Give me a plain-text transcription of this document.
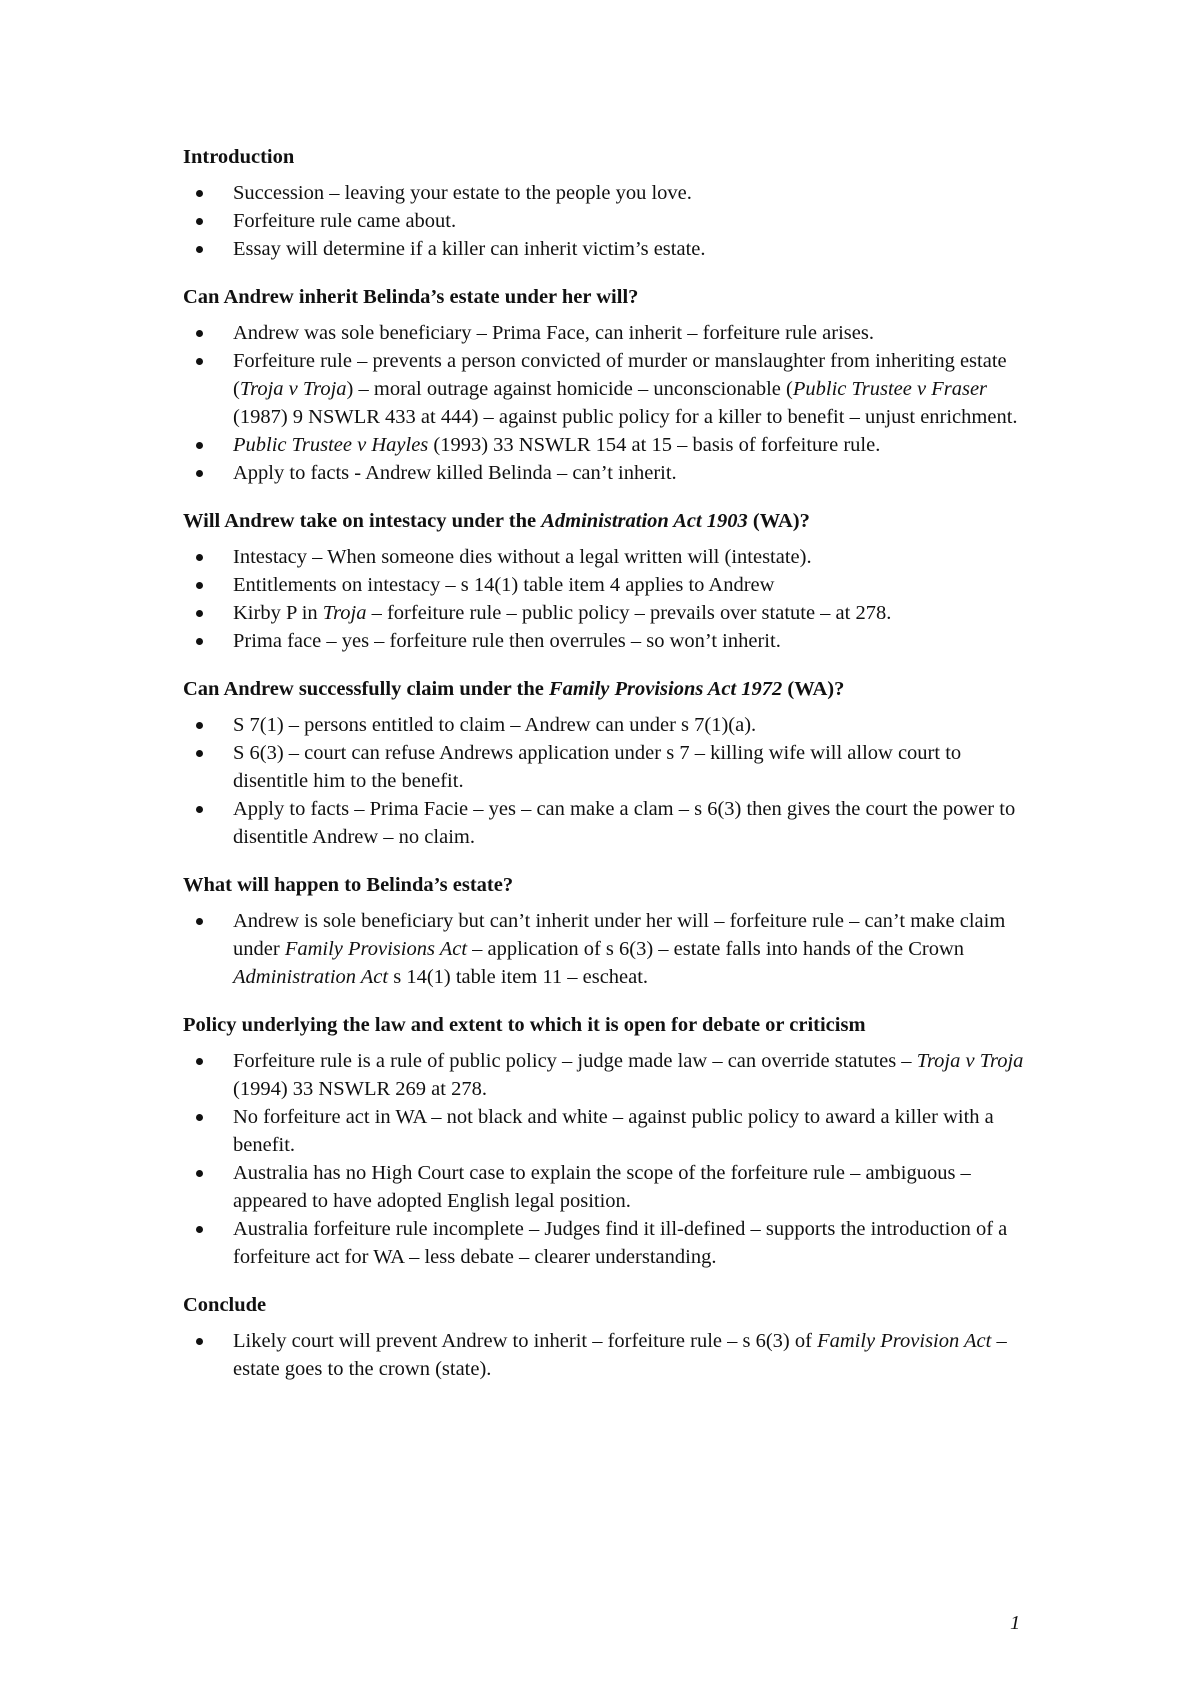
Introduction
Succession – leaving your estate to the people you love.
Forfeiture rule came about.
Essay will determine if a killer can inherit victim’s estate.
Can Andrew inherit Belinda’s estate under her will?
Andrew was sole beneficiary – Prima Face, can inherit – forfeiture rule arises.
Forfeiture rule – prevents a person convicted of murder or manslaughter from inheriting estate (Troja v Troja) – moral outrage against homicide – unconscionable (Public Trustee v Fraser (1987) 9 NSWLR 433 at 444) – against public policy for a killer to benefit – unjust enrichment.
Public Trustee v Hayles (1993) 33 NSWLR 154 at 15 – basis of forfeiture rule.
Apply to facts - Andrew killed Belinda – can’t inherit.
Will Andrew take on intestacy under the Administration Act 1903 (WA)?
Intestacy – When someone dies without a legal written will (intestate).
Entitlements on intestacy – s 14(1) table item 4 applies to Andrew
Kirby P in Troja – forfeiture rule – public policy – prevails over statute – at 278.
Prima face – yes – forfeiture rule then overrules – so won’t inherit.
Can Andrew successfully claim under the Family Provisions Act 1972 (WA)?
S 7(1) – persons entitled to claim – Andrew can under s 7(1)(a).
S 6(3) – court can refuse Andrews application under s 7 – killing wife will allow court to disentitle him to the benefit.
Apply to facts – Prima Facie – yes – can make a clam – s 6(3) then gives the court the power to disentitle Andrew – no claim.
What will happen to Belinda’s estate?
Andrew is sole beneficiary but can’t inherit under her will – forfeiture rule – can’t make claim under Family Provisions Act – application of s 6(3) – estate falls into hands of the Crown Administration Act s 14(1) table item 11 – escheat.
Policy underlying the law and extent to which it is open for debate or criticism
Forfeiture rule is a rule of public policy – judge made law – can override statutes – Troja v Troja (1994) 33 NSWLR 269 at 278.
No forfeiture act in WA – not black and white – against public policy to award a killer with a benefit.
Australia has no High Court case to explain the scope of the forfeiture rule – ambiguous – appeared to have adopted English legal position.
Australia forfeiture rule incomplete – Judges find it ill-defined – supports the introduction of a forfeiture act for WA – less debate – clearer understanding.
Conclude
Likely court will prevent Andrew to inherit – forfeiture rule – s 6(3) of Family Provision Act – estate goes to the crown (state).
1
